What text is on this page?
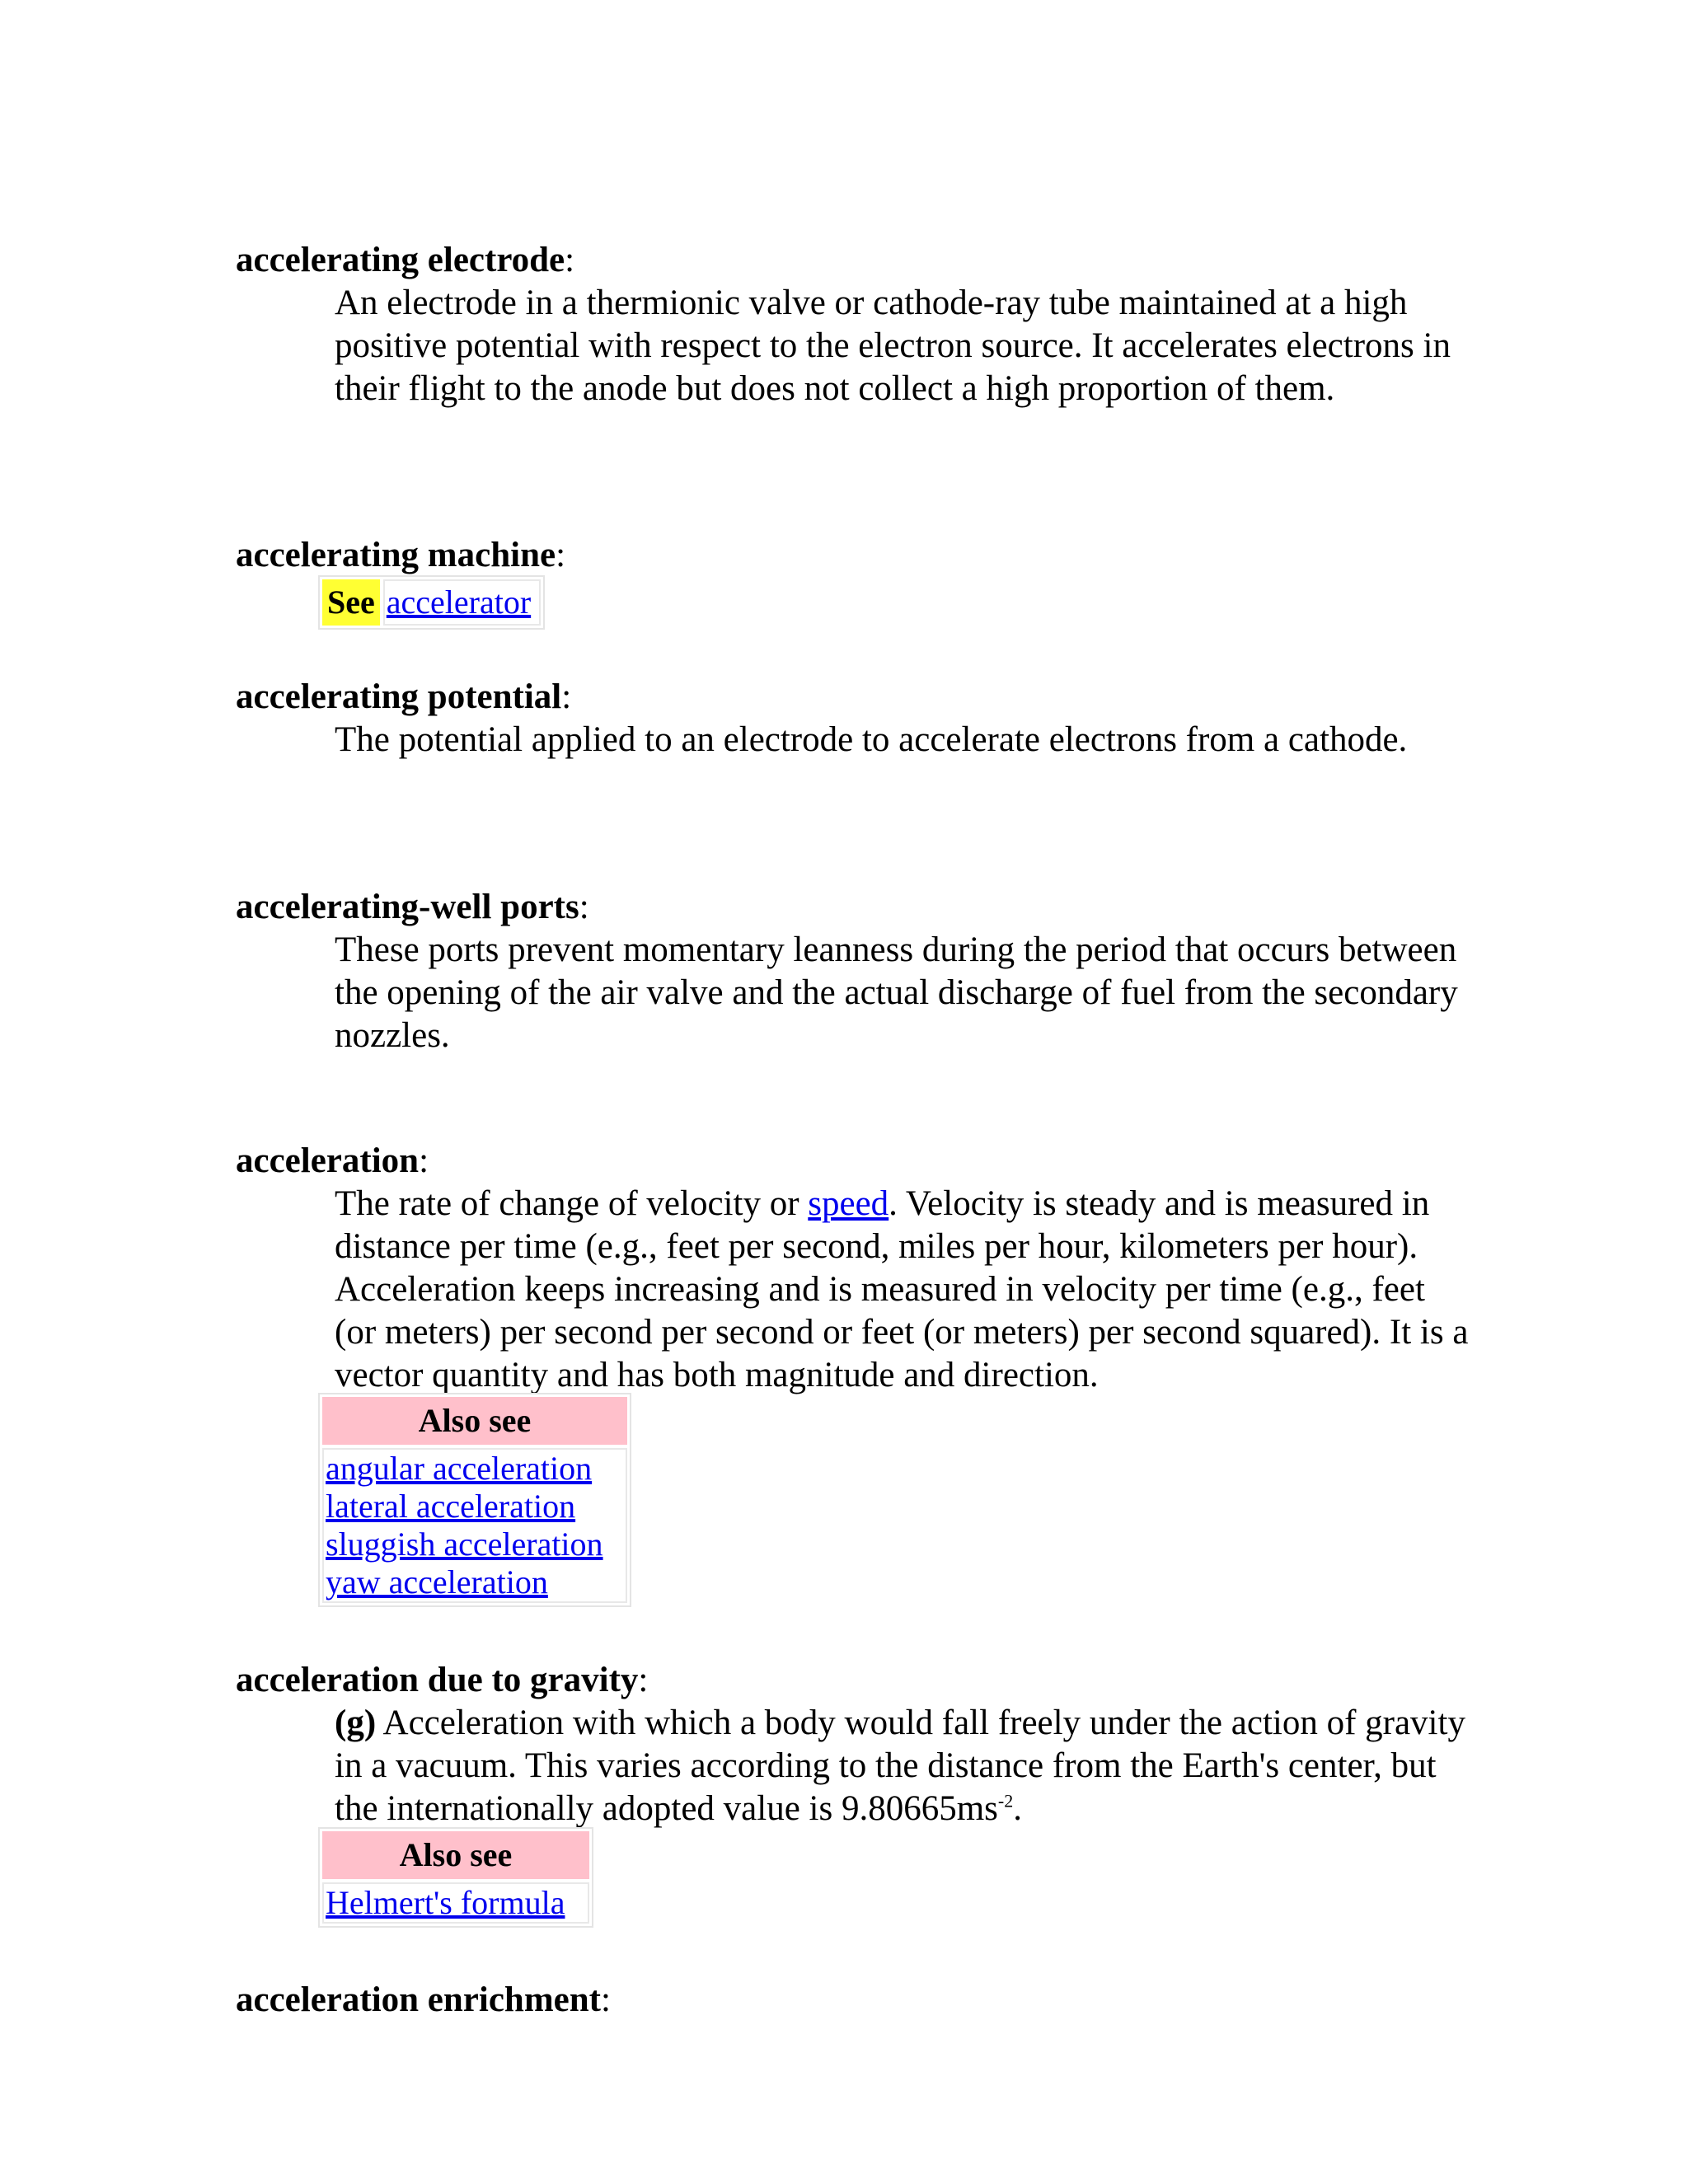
accelerating electrode:

An electrode in a thermionic valve or cathode-ray tube maintained at a high positive potential with respect to the electron source. It accelerates electrons in their flight to the anode but does not collect a high proportion of them.

accelerating machine:

See accelerator

accelerating potential:

The potential applied to an electrode to accelerate electrons from a cathode.

accelerating-well ports:

These ports prevent momentary leanness during the period that occurs between the opening of the air valve and the actual discharge of fuel from the secondary nozzles.

acceleration:

The rate of change of velocity or speed. Velocity is steady and is measured in distance per time (e.g., feet per second, miles per hour, kilometers per hour). Acceleration keeps increasing and is measured in velocity per time (e.g., feet (or meters) per second per second or feet (or meters) per second squared). It is a vector quantity and has both magnitude and direction.

Also see
angular acceleration
lateral acceleration
sluggish acceleration
yaw acceleration

acceleration due to gravity:

(g) Acceleration with which a body would fall freely under the action of gravity in a vacuum. This varies according to the distance from the Earth's center, but the internationally adopted value is $9.80665ms^{-2}$.

Also see
Helmert's formula

acceleration enrichment:
